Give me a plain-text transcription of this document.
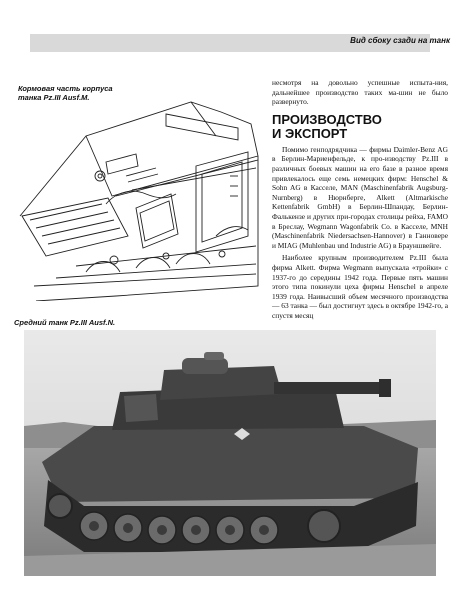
Вид сбоку сзади на танк
Кормовая часть корпуса танка Pz.III Ausf.M.

несмотря на довольно успешные испыта-ния, дальнейшее производство таких ма-шин не было развернуто.

ПРОИЗВОДСТВО
И ЭКСПОРТ

Помимо генподрядчика — фирмы Daimler-Benz AG в Берлин-Мариенфельде, к про-изводству Pz.III в различных боевых машин на его базе в разное время привлекалось еще семь немецких фирм: Henschel & Sohn AG в Касселе, MAN (Maschinenfabrik Augsburg-Nurnberg) в Нюрнберге, Alkett (Altmarkische Kettenfabrik GmbH) в Берлин-Шпандау, Берлин-Фалькензе и других при-городах столицы рейха, FAMO в Бреслау, Wegmann Wagonfabrik Co. в Касселе, MNH (Maschinenfabrik Niedersachsen-Hannover) в Ганновере и MIAG (Muhlenbau und Industrie AG) в Брауншвейге.

Наиболее крупным производителем Pz.III была фирма Alkett. Фирма Wegmann выпускала «тройки» с 1937-го до середины 1942 года. Первые пять машин этого типа покинули цеха фирмы Henschel в апреле 1939 года. Наивысший объем месячного производства — 63 танка — был достигнут здесь в октябре 1942-го, а спустя месяц

Средний танк Pz.III Ausf.N.
